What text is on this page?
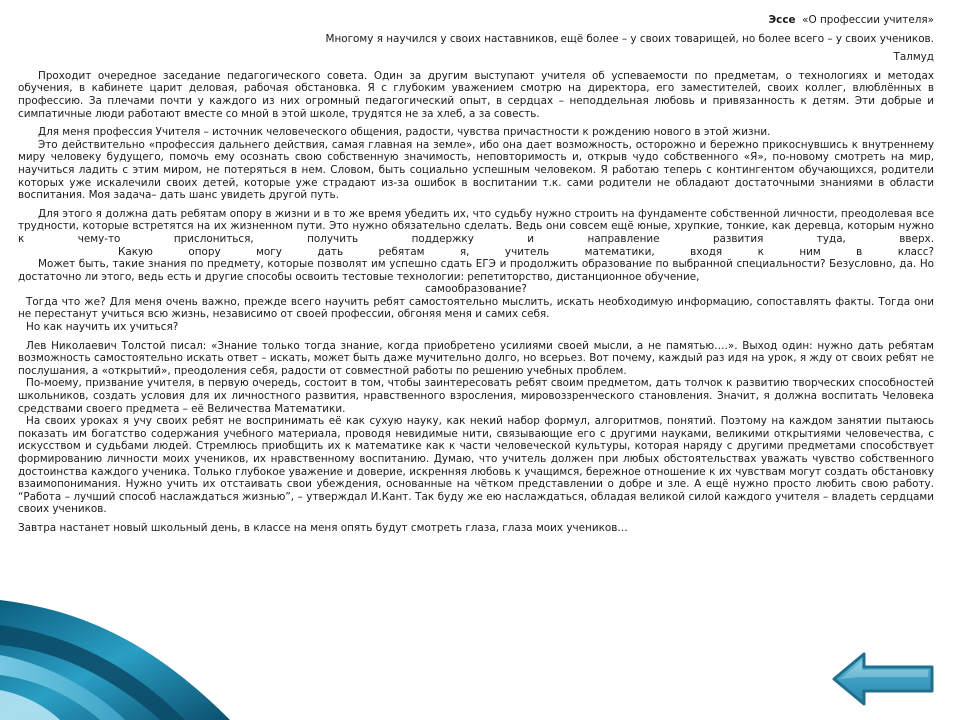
Эссе «О профессии учителя»

Многому я научился у своих наставников, ещё более – у своих товарищей, но более всего – у своих учеников.

Талмуд

Проходит очередное заседание педагогического совета. Один за другим выступают учителя об успеваемости по предметам, о технологиях и методах обучения, в кабинете царит деловая, рабочая обстановка. Я с глубоким уважением смотрю на директора, его заместителей, своих коллег, влюблённых в профессию. За плечами почти у каждого из них огромный педагогический опыт, в сердцах – неподдельная любовь и привязанность к детям. Эти добрые и симпатичные люди работают вместе со мной в этой школе, трудятся не за хлеб, а за совесть.

Для меня профессия Учителя – источник человеческого общения, радости, чувства причастности к рождению нового в этой жизни.

Это действительно «профессия дальнего действия, самая главная на земле», ибо она дает возможность, осторожно и бережно прикоснувшись к внутреннему миру человеку будущего, помочь ему осознать свою собственную значимость, неповторимость и, открыв чудо собственного «Я», по-новому смотреть на мир, научиться ладить с этим миром, не потеряться в нем. Словом, быть социально успешным человеком. Я работаю теперь с контингентом обучающихся, родители которых уже искалечили своих детей, которые уже страдают из-за ошибок в воспитании т.к. сами родители не обладают достаточными знаниями в области воспитания. Моя задача– дать шанс увидеть другой путь.

Для этого я должна дать ребятам опору в жизни и в то же время убедить их, что судьбу нужно строить на фундаменте собственной личности, преодолевая все трудности, которые встретятся на их жизненном пути. Это нужно обязательно сделать. Ведь они совсем ещё юные, хрупкие, тонкие, как деревца, которым нужно к чему-то прислониться, получить поддержку и направление развития туда, вверх.

Какую опору могу дать ребятам я, учитель математики, входя к ним в класс?

Может быть, такие знания по предмету, которые позволят им успешно сдать ЕГЭ и продолжить образование по выбранной специальности? Безусловно, да. Но достаточно ли этого, ведь есть и другие способы освоить тестовые технологии: репетиторство, дистанционное обучение,

самообразование?

Тогда что же? Для меня очень важно, прежде всего научить ребят самостоятельно мыслить, искать необходимую информацию, сопоставлять факты. Тогда они не перестанут учиться всю жизнь, независимо от своей профессии, обгоняя меня и самих себя.

Но как научить их учиться?

Лев Николаевич Толстой писал: «Знание только тогда знание, когда приобретено усилиями своей мысли, а не памятью….». Выход один: нужно дать ребятам возможность самостоятельно искать ответ – искать, может быть даже мучительно долго, но всерьез. Вот почему, каждый раз идя на урок, я жду от своих ребят не послушания, а «открытий», преодоления себя, радости от совместной работы по решению учебных проблем.

По-моему, призвание учителя, в первую очередь, состоит в том, чтобы заинтересовать ребят своим предметом, дать толчок к развитию творческих способностей школьников, создать условия для их личностного развития, нравственного взросления, мировоззренческого становления. Значит, я должна воспитать Человека средствами своего предмета – её Величества Математики.

На своих уроках я учу своих ребят не воспринимать её как сухую науку, как некий набор формул, алгоритмов, понятий. Поэтому на каждом занятии пытаюсь показать им богатство содержания учебного материала, проводя невидимые нити, связывающие его с другими науками, великими открытиями человечества, с искусством и судьбами людей. Стремлюсь приобщить их к математике как к части человеческой культуры, которая наряду с другими предметами способствует формированию личности моих учеников, их нравственному воспитанию. Думаю, что учитель должен при любых обстоятельствах уважать чувство собственного достоинства каждого ученика. Только глубокое уважение и доверие, искренняя любовь к учащимся, бережное отношение к их чувствам могут создать обстановку взаимопонимания. Нужно учить их отстаивать свои убеждения, основанные на чётком представлении о добре и зле. А ещё нужно просто любить свою работу. “Работа – лучший способ наслаждаться жизнью”, – утверждал И.Кант. Так буду же ею наслаждаться, обладая великой силой каждого учителя – владеть сердцами своих учеников.

Завтра настанет новый школьный день, в классе на меня опять будут смотреть глаза, глаза моих учеников…
